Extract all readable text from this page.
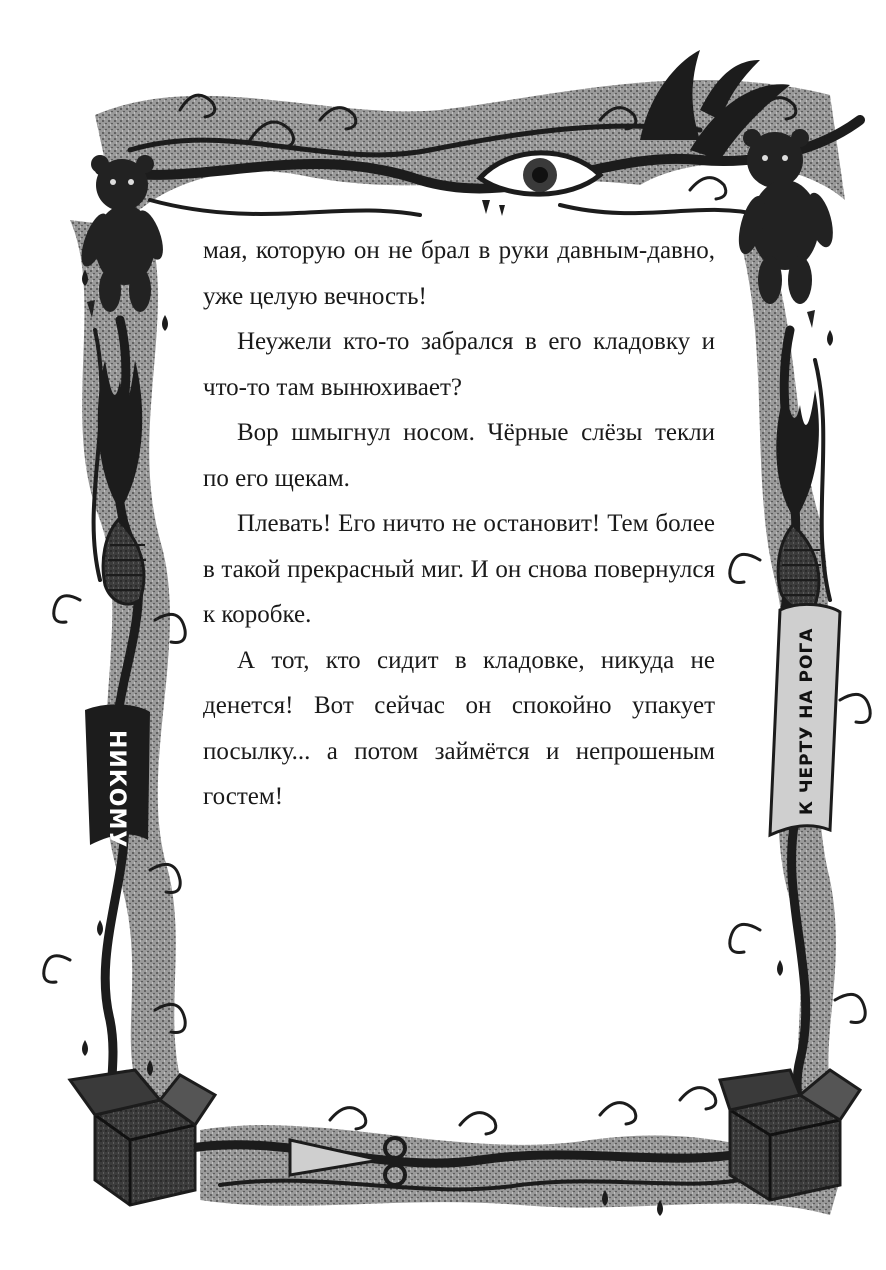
НИКОМУ	К ЧЕРТУ НА РОГА

мая, которую он не брал в руки давным-давно, уже целую вечность!

Неужели кто-то забрался в его кладовку и что-то там вынюхивает?

Вор шмыгнул носом. Чёрные слёзы текли по его щекам.

Плевать! Его ничто не остановит! Тем более в такой прекрасный миг. И он снова повернулся к коробке.

А тот, кто сидит в кладовке, никуда не денется! Вот сейчас он спокойно упакует посылку... а потом займётся и непрошеным гостем!
